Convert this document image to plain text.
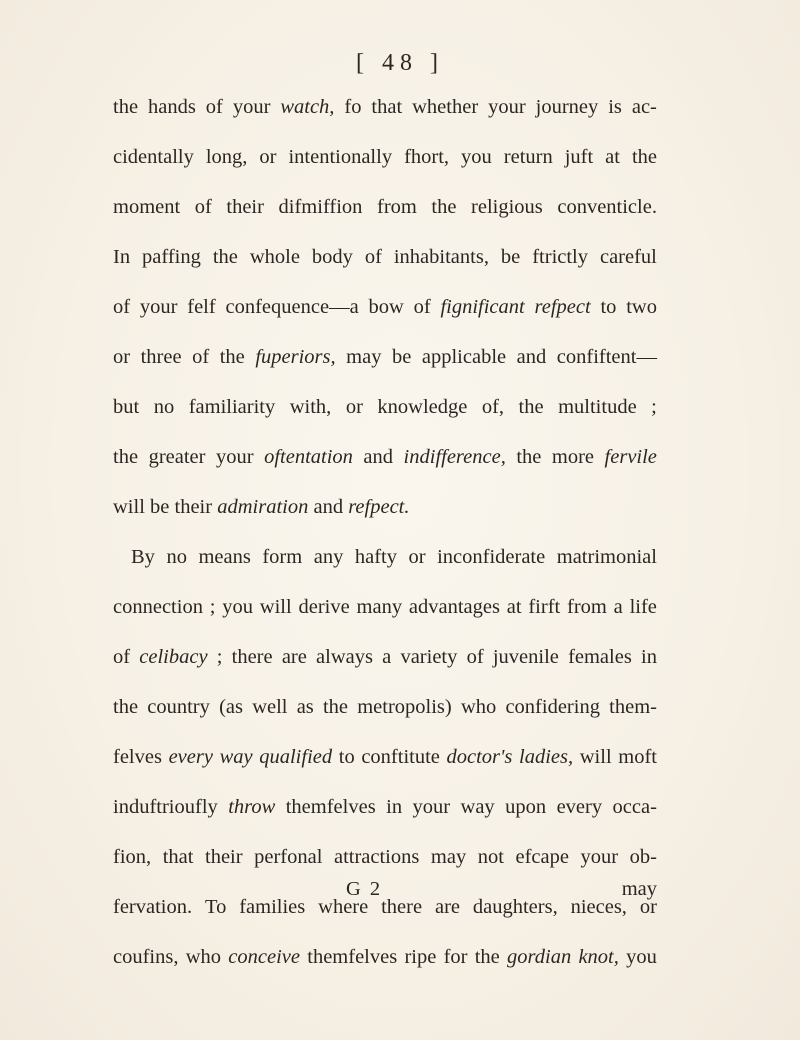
[ 48 ]
the hands of your watch, fo that whether your journey is ac-
cidentally long, or intentionally fhort, you return juft at the
moment of their difmiffion from the religious conventicle.
In paffing the whole body of inhabitants, be ftrictly careful
of your felf confequence—a bow of fignificant refpect to two
or three of the fuperiors, may be applicable and confiftent—
but no familiarity with, or knowledge of, the multitude ;
the greater your oftentation and indifference, the more fervile
will
be
their
admiration
and
refpect.
By no means form any hafty or inconfiderate matrimonial
connection ; you will derive many advantages at firft from a life
of celibacy ; there are always a variety of juvenile females in
the country (as well as the metropolis) who confidering them-
felves every way qualified to conftitute doctor's ladies, will moft
induftrioufly throw themfelves in your way upon every occa-
fion, that their perfonal attractions may not efcape your ob-
fervation. To families where there are daughters, nieces, or
coufins, who conceive themfelves ripe for the gordian knot, you
G 2	may
